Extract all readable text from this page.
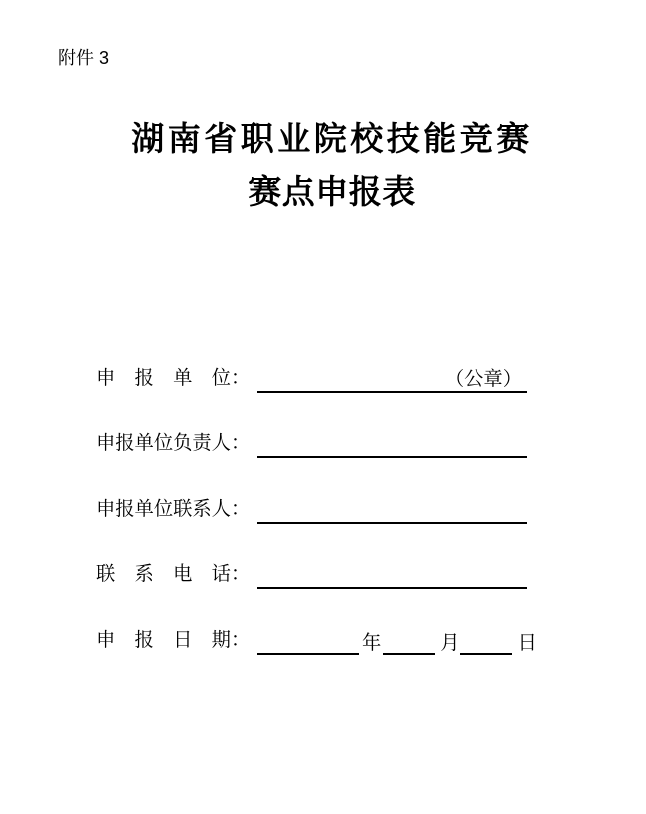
附件 3
湖南省职业院校技能竞赛
赛点申报表
申　报　单　位：	（公章）
申报单位负责人：
申报单位联系人：
联　系　电　话：
申　报　日　期：	年	月	日
